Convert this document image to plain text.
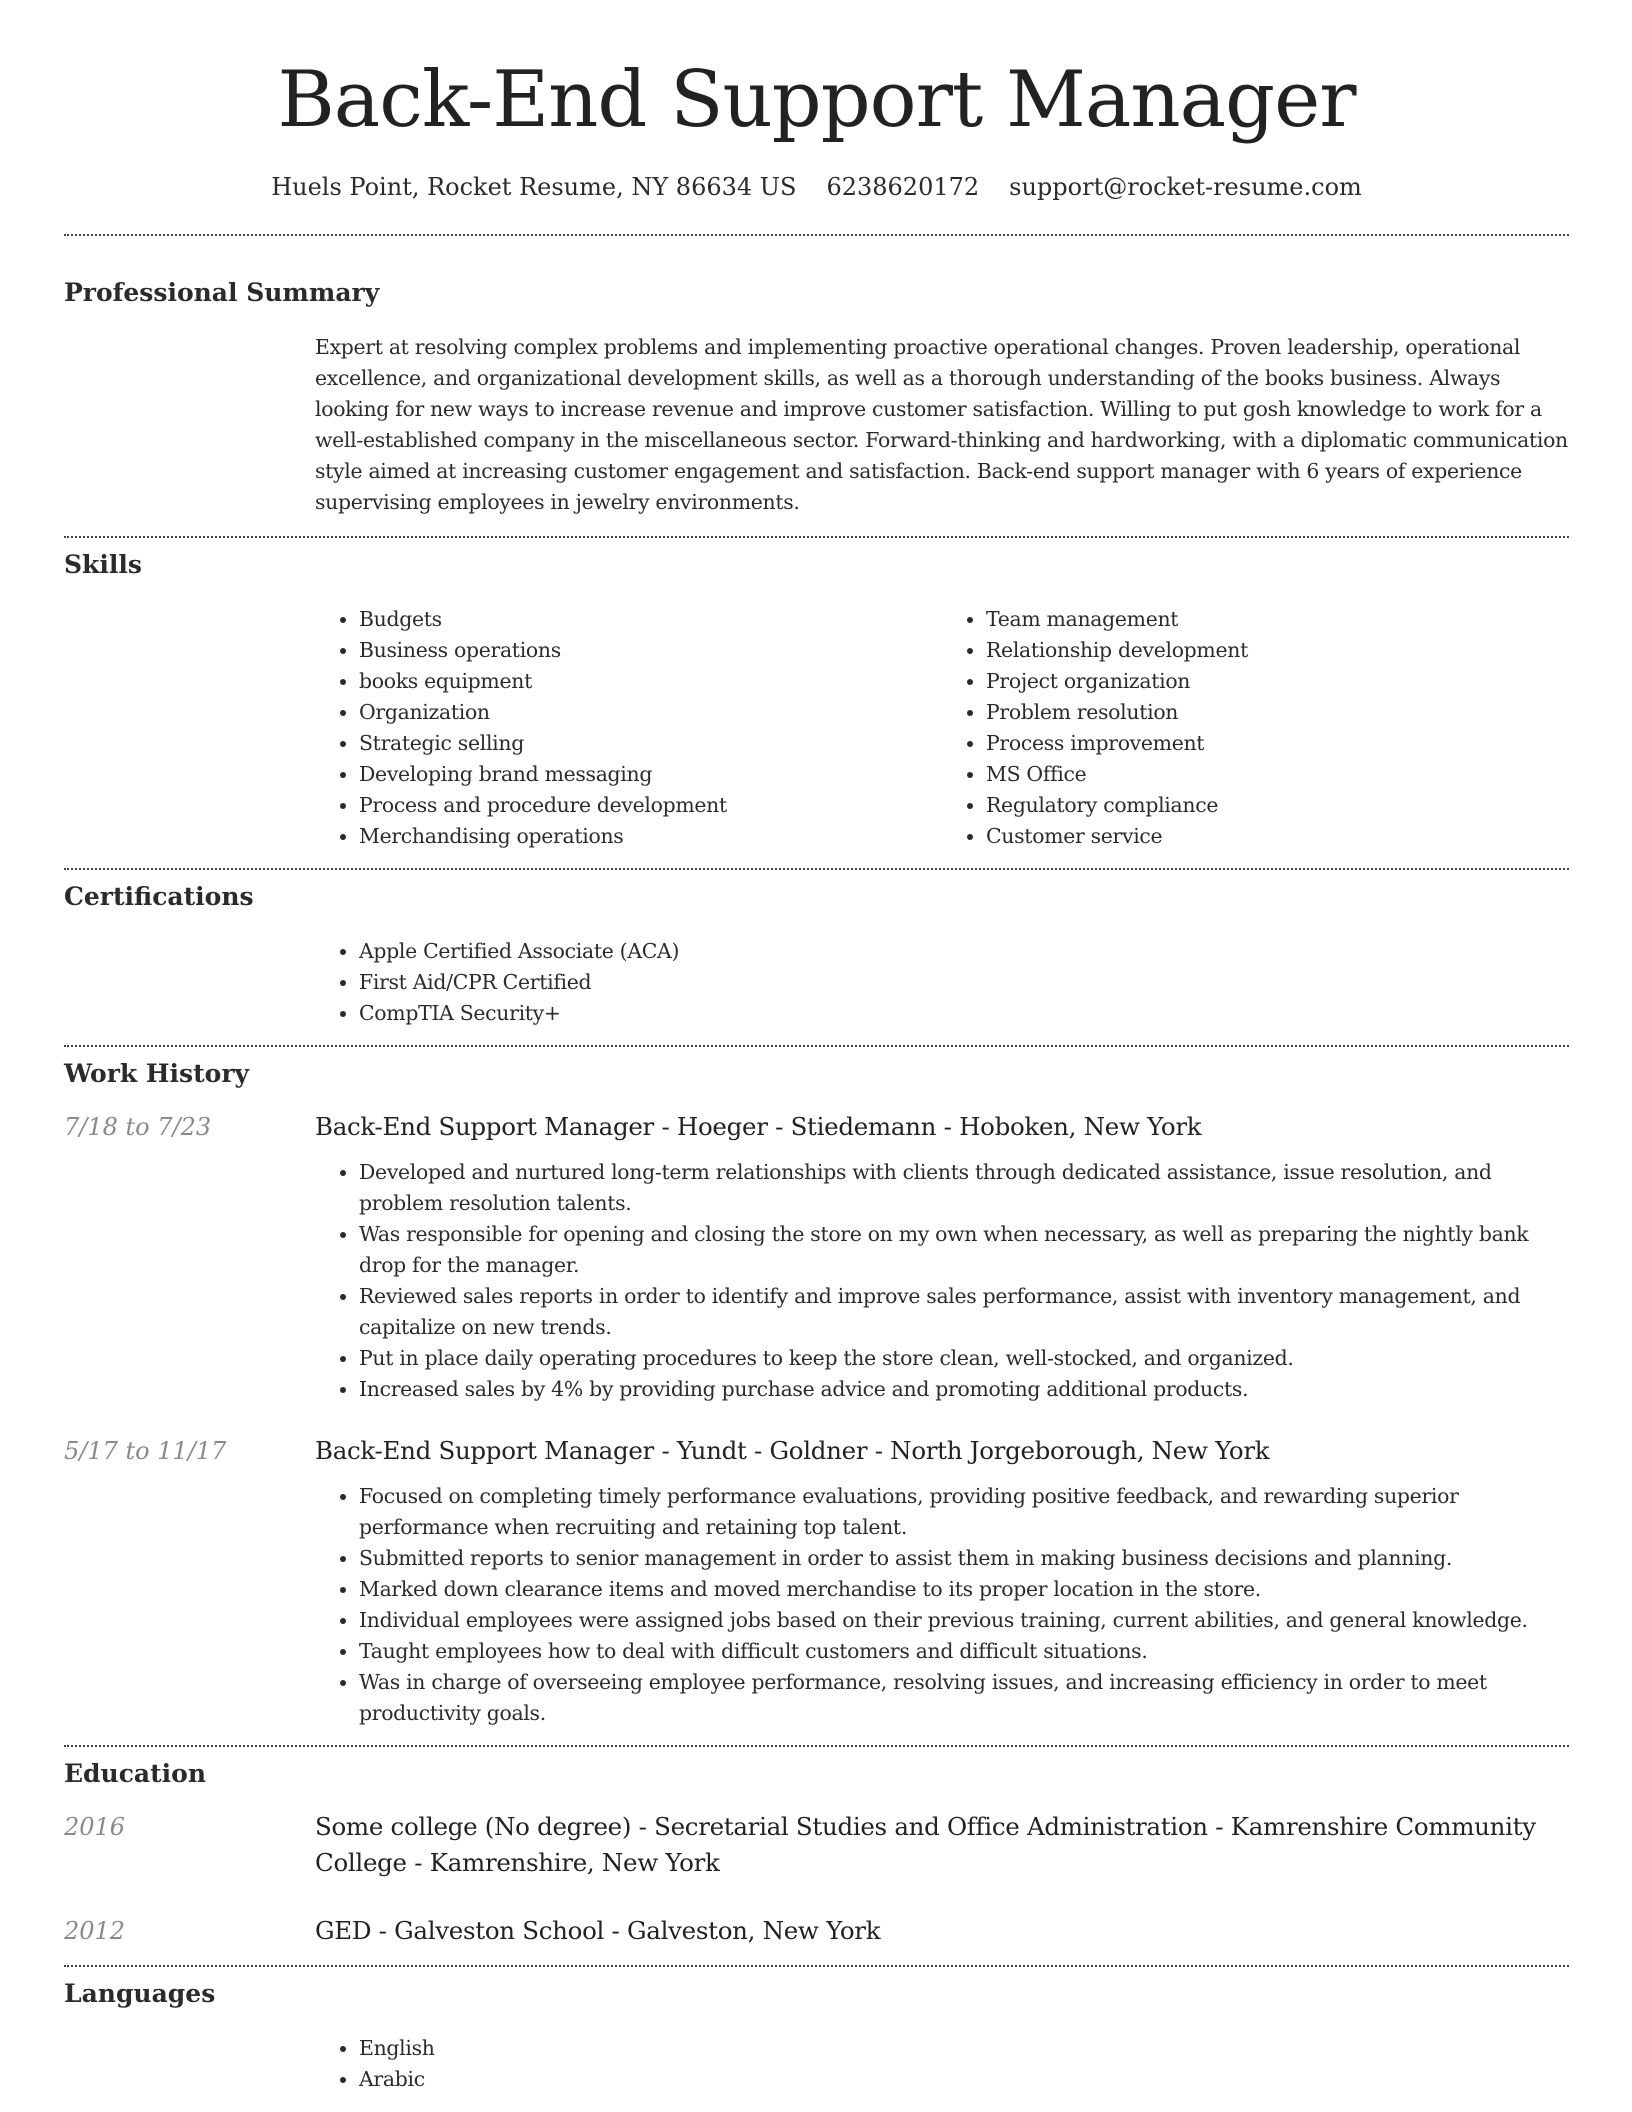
Back-End Support Manager
Huels Point, Rocket Resume, NY 86634 US 6238620172 support@rocket-resume.com
Professional Summary

Expert at resolving complex problems and implementing proactive operational changes. Proven leadership, operational excellence, and organizational development skills, as well as a thorough understanding of the books business. Always looking for new ways to increase revenue and improve customer satisfaction. Willing to put gosh knowledge to work for a well-established company in the miscellaneous sector. Forward-thinking and hardworking, with a diplomatic communication style aimed at increasing customer engagement and satisfaction. Back-end support manager with 6 years of experience supervising employees in jewelry environments.

Skills
• Budgets
• Business operations
• books equipment
• Organization
• Strategic selling
• Developing brand messaging
• Process and procedure development
• Merchandising operations
• Team management
• Relationship development
• Project organization
• Problem resolution
• Process improvement
• MS Office
• Regulatory compliance
• Customer service
Certifications
• Apple Certified Associate (ACA)
• First Aid/CPR Certified
• CompTIA Security+
Work History
7/18 to 7/23	Back-End Support Manager - Hoeger - Stiedemann - Hoboken, New York
• Developed and nurtured long-term relationships with clients through dedicated assistance, issue resolution, and problem resolution talents.
• Was responsible for opening and closing the store on my own when necessary, as well as preparing the nightly bank drop for the manager.
• Reviewed sales reports in order to identify and improve sales performance, assist with inventory management, and capitalize on new trends.
• Put in place daily operating procedures to keep the store clean, well-stocked, and organized.
• Increased sales by 4% by providing purchase advice and promoting additional products.
5/17 to 11/17	Back-End Support Manager - Yundt - Goldner - North Jorgeborough, New York
• Focused on completing timely performance evaluations, providing positive feedback, and rewarding superior performance when recruiting and retaining top talent.
• Submitted reports to senior management in order to assist them in making business decisions and planning.
• Marked down clearance items and moved merchandise to its proper location in the store.
• Individual employees were assigned jobs based on their previous training, current abilities, and general knowledge.
• Taught employees how to deal with difficult customers and difficult situations.
• Was in charge of overseeing employee performance, resolving issues, and increasing efficiency in order to meet productivity goals.
Education
2016	Some college (No degree) - Secretarial Studies and Office Administration - Kamrenshire Community College - Kamrenshire, New York
2012	GED - Galveston School - Galveston, New York
Languages
• English
• Arabic
